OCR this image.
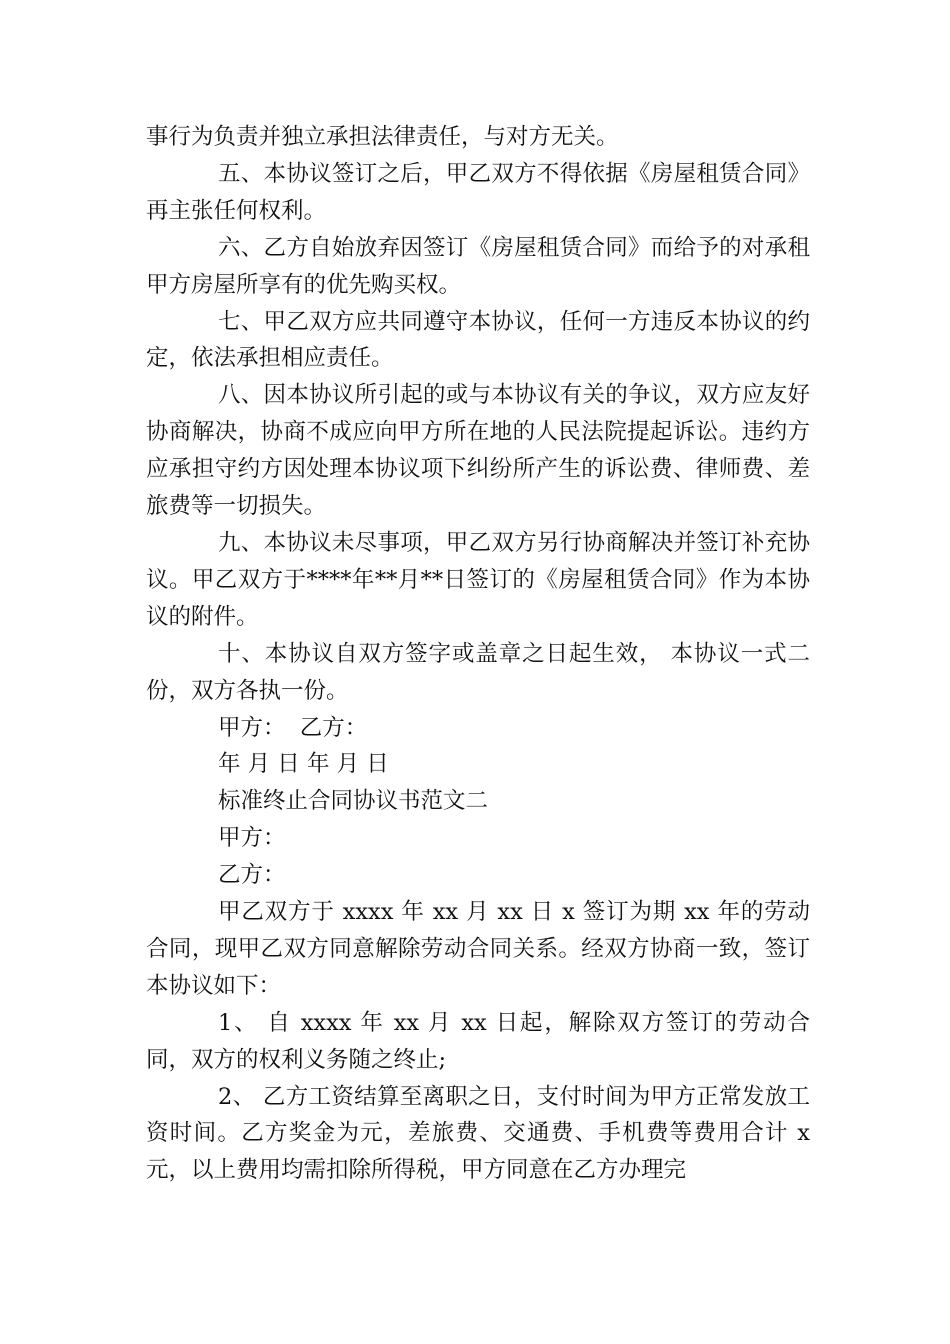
事行为负责并独立承担法律责任，与对方无关。

五、本协议签订之后，甲乙双方不得依据《房屋租赁合同》再主张任何权利。

六、乙方自始放弃因签订《房屋租赁合同》而给予的对承租甲方房屋所享有的优先购买权。

七、甲乙双方应共同遵守本协议，任何一方违反本协议的约定，依法承担相应责任。

八、因本协议所引起的或与本协议有关的争议，双方应友好协商解决，协商不成应向甲方所在地的人民法院提起诉讼。违约方应承担守约方因处理本协议项下纠纷所产生的诉讼费、律师费、差旅费等一切损失。

九、本协议未尽事项，甲乙双方另行协商解决并签订补充协议。甲乙双方于****年**月**日签订的《房屋租赁合同》作为本协议的附件。

十、本协议自双方签字或盖章之日起生效， 本协议一式二份，双方各执一份。

甲方：  乙方：

年 月 日 年 月 日

标准终止合同协议书范文二

甲方：

乙方：

甲乙双方于 xxxx 年 xx 月 xx 日 x 签订为期 xx 年的劳动合同，现甲乙双方同意解除劳动合同关系。经双方协商一致，签订本协议如下：

1、 自 xxxx 年 xx 月 xx 日起，解除双方签订的劳动合同，双方的权利义务随之终止;

2、 乙方工资结算至离职之日，支付时间为甲方正常发放工资时间。乙方奖金为元，差旅费、交通费、手机费等费用合计 x 元，以上费用均需扣除所得税，甲方同意在乙方办理完
